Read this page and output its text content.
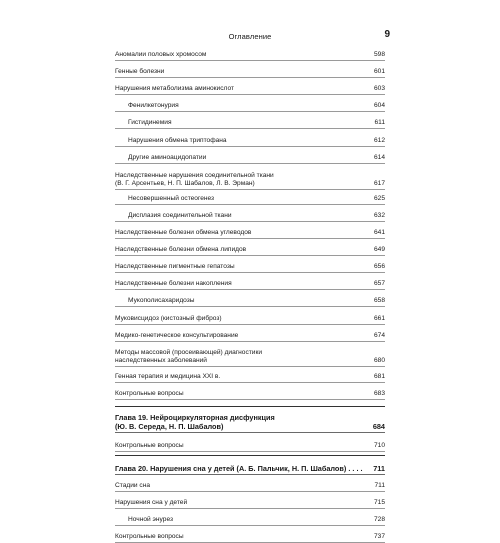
Оглавление	9
Аномалии половых хромосом	598
Генные болезни	601
Нарушения метаболизма аминокислот	603
Фенилкетонурия	604
Гистидинемия	611
Нарушения обмена триптофана	612
Другие аминоацидопатии	614
Наследственные нарушения соединительной ткани
(В. Г. Арсентьев, Н. П. Шабалов, Л. В. Эрман)	617
Несовершенный остеогенез	625
Дисплазия соединительной ткани	632
Наследственные болезни обмена углеводов	641
Наследственные болезни обмена липидов	649
Наследственные пигментные гепатозы	656
Наследственные болезни накопления	657
Мукополисахаридозы	658
Муковисцидоз (кистозный фиброз)	661
Медико-генетическое консультирование	674
Методы массовой (просеивающей) диагностики
наследственных заболеваний	680
Генная терапия и медицина XXI в.	681
Контрольные вопросы	683
Глава 19. Нейроциркуляторная дисфункция
(Ю. В. Середа, Н. П. Шабалов)	684
Контрольные вопросы	710
Глава 20. Нарушения сна у детей (А. Б. Пальчик, Н. П. Шабалов) . . . .	711
Стадии сна	711
Нарушения сна у детей	715
Ночной энурез	728
Контрольные вопросы	737
